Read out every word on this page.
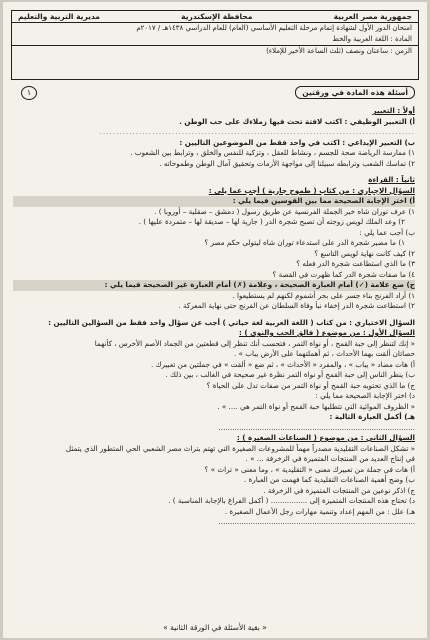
جمهورية مصر العربية
محافظة الإسكندرية
مديرية التربية والتعليم
امتحان الدور الأول لشهادة إتمام مرحلة التعليم الأساسي (العام) للعام الدراسي ١٤٣٨هـ / ٢٠١٧م
المادة : اللغة العربية والخط
الزمن : ساعتان ونصف (ثلث الساعة الأخير للإملاء)
أسئلة هذه المادة في ورقتين
١

أولاً : التعبير

أ) التعبير الوظيفي : اكتب لافتة تحث فيها زملاءك على حب الوطن .

................................................................................................

ب) التعبير الإبداعي : اكتب في واحد فقط من الموضوعين التاليين :

١) ممارسة الرياضة صحة للجسم ، ونشاط للعقل ، وتزكية للنفس والخلق ، وترابط بين الشعوب .

٢) تماسك الشعب وترابطه سبيلنا إلى مواجهة الأزمات وتحقيق آمال الوطن وطموحاته .

ثانياً : القراءة

السؤال الإجباري : من كتاب ( طموح جارية ) أجب عما يلي :

أ) اختر الإجابة الصحيحة مما بين القوسين فيما يلي :

١) عرف توران شاه خبر الجملة الفرنسية عن طريق رسول ( دمشق – صقلية – أوروبا ) .

٢) وعد الملك لويس زوجته أن تصبح شجرة الدر ( جارية لها – صديقة لها – متمردة عليها ) .

ب) أجب عما يلي :

١) ما مصير شجرة الدر على استدعاء توران شاه ليتولى حكم مصر ؟

٢) كيف كانت نهاية لويس التاسع ؟

٣) ما الذي استطاعت شجرة الدر فعله ؟

٤) ما صفات شجرة الدر كما ظهرت في القصة ؟

ج) ضع علامة (✓) أمام العبارة الصحيحة ، وعلامة (✗) أمام العبارة غير الصحيحة فيما يلي :

١) أراد الفرنج بناء جسر على بحر أشموم لكنهم لم يستطيعوا .

٢) استطاعت شجرة الدر إخفاء نبأ وفاة السلطان عن الفرنج حتى نهاية المعركة .

السؤال الاختياري : من كتاب ( اللغة العربية لغة حياتي ) أجب عن سؤال واحد فقط من السؤالين التاليين :

السؤال الأول : من موضوع ( فالق الحب والنوى ) :

« إنك لتنظر إلى حبة القمح ، أو نواة التمر ، فتحسب أنك تنظر إلى قطعتين من الجماد الأصم الأخرس ، كأنهما

حصاتان ألقت بهما الأحداث ، ثم أهملتهما على الأرض يباب » .

أ) هات مضاد « يباب » ، والمفرد « الأحداث » ، ثم ضع « ألقت » في جملتين من تعبيرك .

ب) ينظر الناس إلى حبة القمح أو نواة التمر نظرة غير صحيحة في الغالب ، بين ذلك .

ج) ما الذي تحتويه حبة القمح أو نواة التمر من صفات تدل على الحياة ؟

د) اختر الإجابة الصحيحة مما يلي :

« الظروف الموائية التي تتطلبها حبة القمح أو نواة التمر هي .... » .

هـ) أكمل العبارة التالية :

......................................................................................

السؤال الثاني : من موضوع ( الصناعات الصغيرة ) :

« تشكل الصناعات التقليدية مصدراً مهماً للمشروعات الصغيرة التي تهتم بتراث مصر الشعبي الحي المتطور الذي يتمثل

في إنتاج العديد من المنتجات المتميزة في الزخرفة ... » .

أ) هات في جملة من تعبيرك معنى « التقليدية » ، وما معنى « تراث » ؟

ب) وضح أهمية الصناعات التقليدية كما فهمت من العبارة .

ج) اذكر نوعين من المنتجات المتميزة في الزخرفة .

د) تحتاج هذه المنتجات المتميزة إلى ................ ( أكمل الفراغ بالإجابة المناسبة ) .

هـ) علل : من المهم إعداد وتنمية مهارات رجل الأعمال الصغيرة .

......................................................................................

« بقية الأسئلة في الورقة الثانية »
